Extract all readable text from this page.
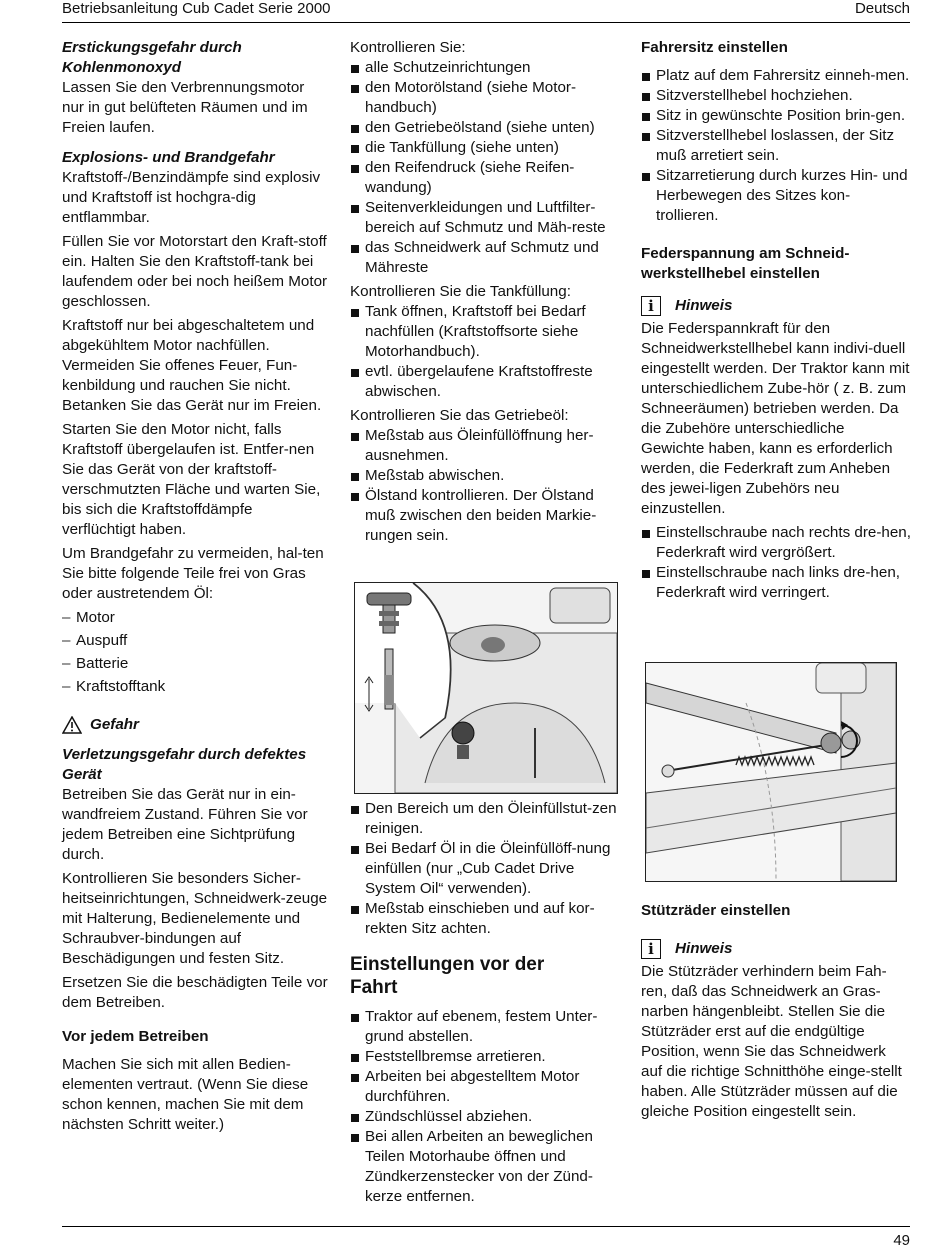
Betriebsanleitung Cub Cadet Serie 2000	Deutsch
Erstickungsgefahr durch Kohlenmonoxyd

Lassen Sie den Verbrennungsmotor nur in gut belüfteten Räumen und im Freien laufen.

Explosions- und Brandgefahr

Kraftstoff-/Benzindämpfe sind explosiv und Kraftstoff ist hochgra-dig entflammbar.

Füllen Sie vor Motorstart den Kraft-stoff ein. Halten Sie den Kraftstoff-tank bei laufendem oder bei noch heißem Motor geschlossen.

Kraftstoff nur bei abgeschaltetem und abgekühltem Motor nachfüllen. Vermeiden Sie offenes Feuer, Fun-kenbildung und rauchen Sie nicht. Betanken Sie das Gerät nur im Freien.

Starten Sie den Motor nicht, falls Kraftstoff übergelaufen ist. Entfer-nen Sie das Gerät von der kraftstoff-verschmutzten Fläche und warten Sie, bis sich die Kraftstoffdämpfe verflüchtigt haben.

Um Brandgefahr zu vermeiden, hal-ten Sie bitte folgende Teile frei von Gras oder austretendem Öl:

– Motor
– Auspuff
– Batterie
– Kraftstofftank
Gefahr
Verletzungsgefahr durch defektes Gerät

Betreiben Sie das Gerät nur in ein-wandfreiem Zustand. Führen Sie vor jedem Betreiben eine Sichtprüfung durch.

Kontrollieren Sie besonders Sicher-heitseinrichtungen, Schneidwerk-zeuge mit Halterung, Bedienelemente und Schraubver-bindungen auf Beschädigungen und festen Sitz.

Ersetzen Sie die beschädigten Teile vor dem Betreiben.

Vor jedem Betreiben

Machen Sie sich mit allen Bedien-elementen vertraut. (Wenn Sie diese schon kennen, machen Sie mit dem nächsten Schritt weiter.)

Kontrollieren Sie:

alle Schutzeinrichtungen
den Motorölstand (siehe Motor-handbuch)
den Getriebeölstand (siehe unten)
die Tankfüllung (siehe unten)
den Reifendruck (siehe Reifen-wandung)
Seitenverkleidungen und Luftfilter-bereich auf Schmutz und Mäh-reste
das Schneidwerk auf Schmutz und Mähreste

Kontrollieren Sie die Tankfüllung:

Tank öffnen, Kraftstoff bei Bedarf nachfüllen (Kraftstoffsorte siehe Motorhandbuch).
evtl. übergelaufene Kraftstoffreste abwischen.

Kontrollieren Sie das Getriebeöl:

Meßstab aus Öleinfüllöffnung her-ausnehmen.
Meßstab abwischen.
Ölstand kontrollieren. Der Ölstand muß zwischen den beiden Markie-rungen sein.
Den Bereich um den Öleinfüllstut-zen reinigen.
Bei Bedarf Öl in die Öleinfüllöff-nung einfüllen (nur „Cub Cadet Drive System Oil“ verwenden).
Meßstab einschieben und auf kor-rekten Sitz achten.
Einstellungen vor der Fahrt
Traktor auf ebenem, festem Unter-grund abstellen.
Feststellbremse arretieren.
Arbeiten bei abgestelltem Motor durchführen.
Zündschlüssel abziehen.
Bei allen Arbeiten an beweglichen Teilen Motorhaube öffnen und Zündkerzenstecker von der Zünd-kerze entfernen.
Fahrersitz einstellen
Platz auf dem Fahrersitz einneh-men.
Sitzverstellhebel hochziehen.
Sitz in gewünschte Position brin-gen.
Sitzverstellhebel loslassen, der Sitz muß arretiert sein.
Sitzarretierung durch kurzes Hin- und Herbewegen des Sitzes kon-trollieren.
Federspannung am Schneid-werkstellhebel einstellen
i	Hinweis

Die Federspannkraft für den Schneidwerkstellhebel kann indivi-duell eingestellt werden. Der Traktor kann mit unterschiedlichem Zube-hör ( z. B. zum Schneeräumen) betrieben werden. Da die Zubehöre unterschiedliche Gewichte haben, kann es erforderlich werden, die Federkraft zum Anheben des jewei-ligen Zubehörs neu einzustellen.

Einstellschraube nach rechts dre-hen, Federkraft wird vergrößert.
Einstellschraube nach links dre-hen, Federkraft wird verringert.
Stützräder einstellen
i	Hinweis

Die Stützräder verhindern beim Fah-ren, daß das Schneidwerk an Gras-narben hängenbleibt. Stellen Sie die Stützräder erst auf die endgültige Position, wenn Sie das Schneidwerk auf die richtige Schnitthöhe einge-stellt haben. Alle Stützräder müssen auf die gleiche Position eingestellt sein.

49
